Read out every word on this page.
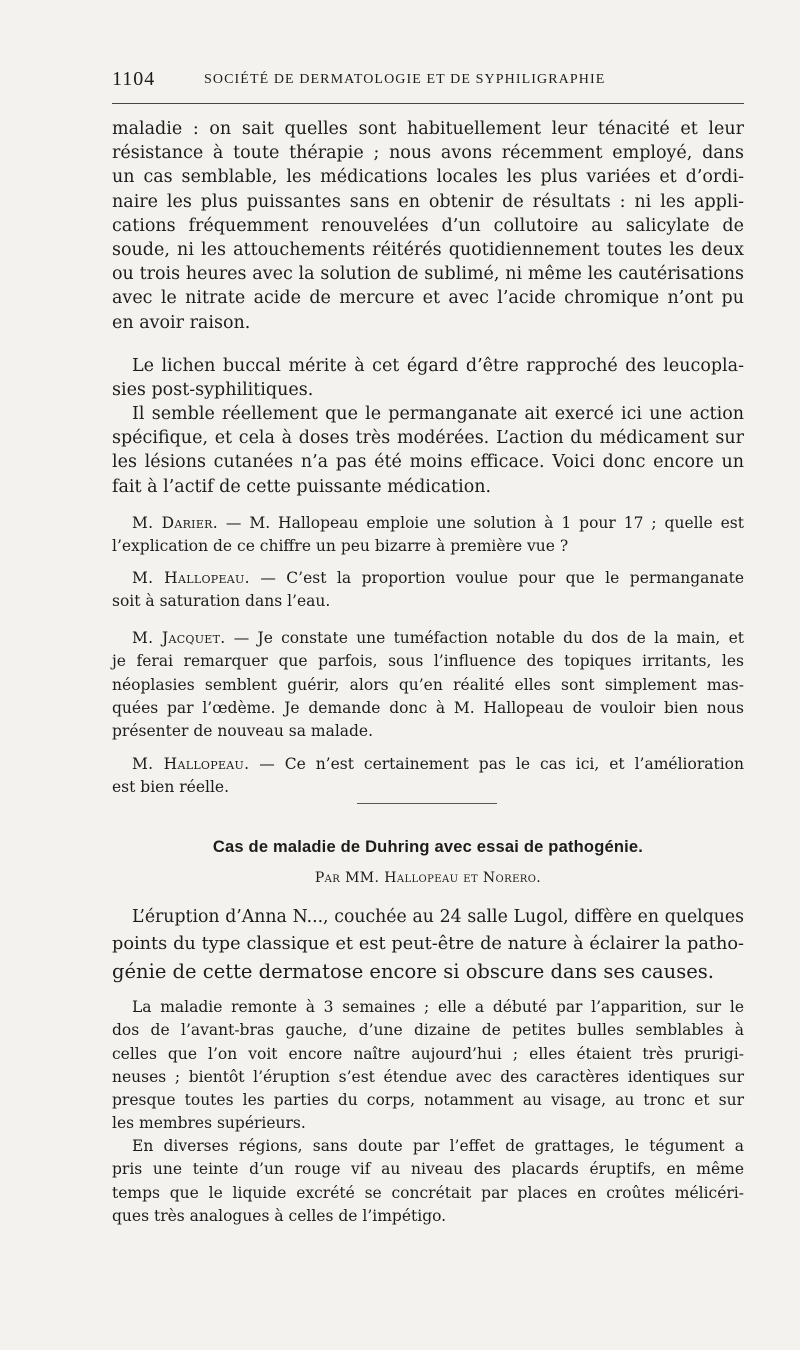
1104	SOCIÉTÉ DE DERMATOLOGIE ET DE SYPHILIGRAPHIE

maladie : on sait quelles sont habituellement leur ténacité et leur
résistance à toute thérapie ; nous avons récemment employé, dans
un cas semblable, les médications locales les plus variées et d’ordi-
naire les plus puissantes sans en obtenir de résultats : ni les appli-
cations fréquemment renouvelées d’un collutoire au salicylate de
soude, ni les attouchements réitérés quotidiennement toutes les deux
ou trois heures avec la solution de sublimé, ni même les cautérisations
avec le nitrate acide de mercure et avec l’acide chromique n’ont pu
en avoir raison.

Le lichen buccal mérite à cet égard d’être rapproché des leucopla-
sies post-syphilitiques.

Il semble réellement que le permanganate ait exercé ici une action
spécifique, et cela à doses très modérées. L’action du médicament sur
les lésions cutanées n’a pas été moins efficace. Voici donc encore un
fait à l’actif de cette puissante médication.

M. Darier. — M. Hallopeau emploie une solution à 1 pour 17 ; quelle est
l’explication de ce chiffre un peu bizarre à première vue ?

M. Hallopeau. — C’est la proportion voulue pour que le permanganate
soit à saturation dans l’eau.

M. Jacquet. — Je constate une tuméfaction notable du dos de la main, et
je ferai remarquer que parfois, sous l’influence des topiques irritants, les
néoplasies semblent guérir, alors qu’en réalité elles sont simplement mas-
quées par l’œdème. Je demande donc à M. Hallopeau de vouloir bien nous
présenter de nouveau sa malade.

M. Hallopeau. — Ce n’est certainement pas le cas ici, et l’amélioration
est bien réelle.

Cas de maladie de Duhring avec essai de pathogénie.
Par MM. Hallopeau et Norero.

L’éruption d’Anna N..., couchée au 24 salle Lugol, diffère en quelques
points du type classique et est peut-être de nature à éclairer la patho-
génie de cette dermatose encore si obscure dans ses causes.

La maladie remonte à 3 semaines ; elle a débuté par l’apparition, sur le
dos de l’avant-bras gauche, d’une dizaine de petites bulles semblables à
celles que l’on voit encore naître aujourd’hui ; elles étaient très prurigi-
neuses ; bientôt l’éruption s’est étendue avec des caractères identiques sur
presque toutes les parties du corps, notamment au visage, au tronc et sur
les membres supérieurs.

En diverses régions, sans doute par l’effet de grattages, le tégument a
pris une teinte d’un rouge vif au niveau des placards éruptifs, en même
temps que le liquide excrété se concrétait par places en croûtes mélicéri-
ques très analogues à celles de l’impétigo.
